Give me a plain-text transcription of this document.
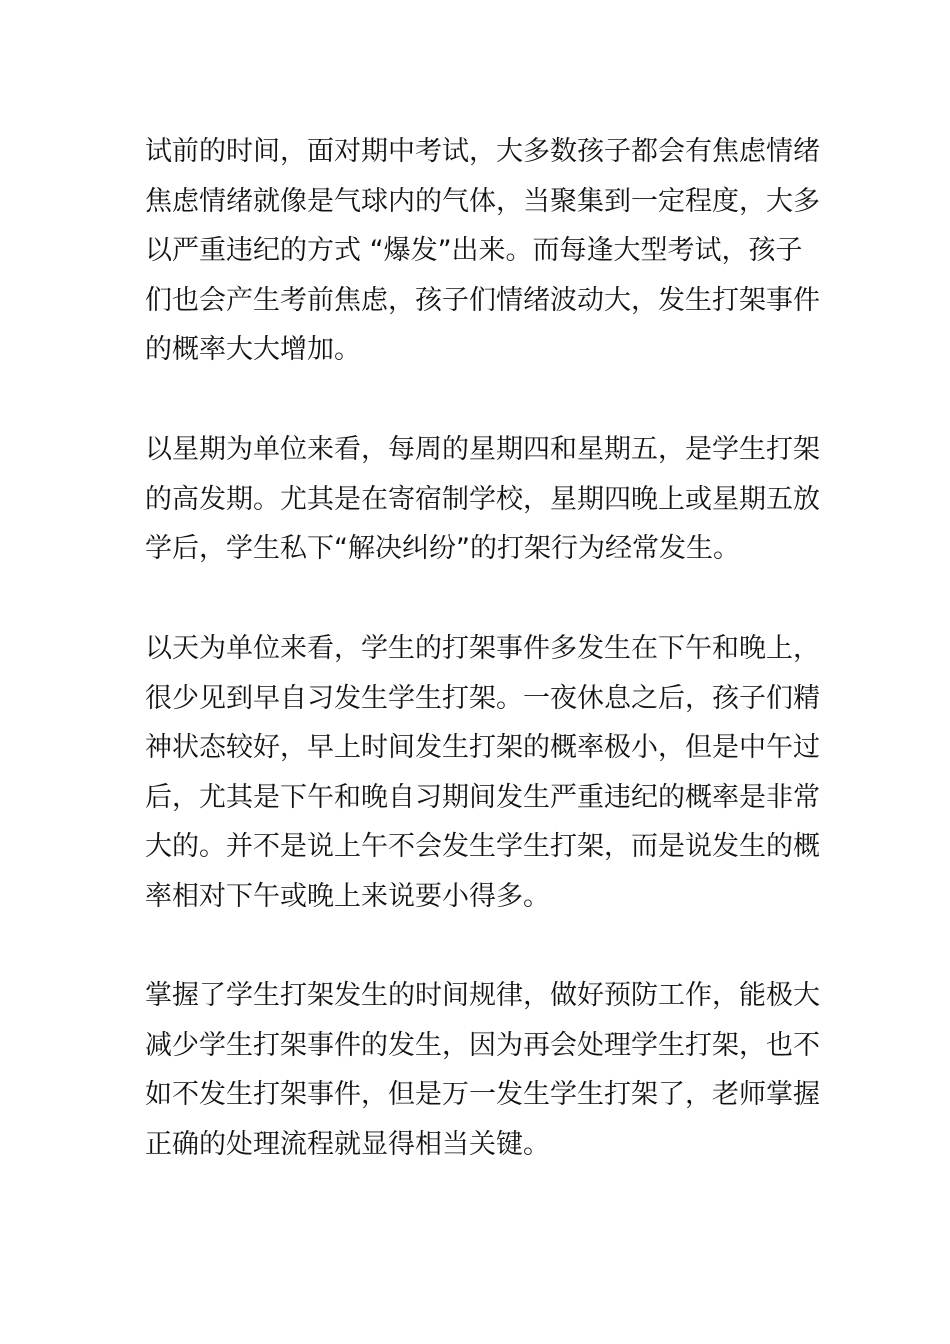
试前的时间，面对期中考试，大多数孩子都会有焦虑情绪
焦虑情绪就像是气球内的气体，当聚集到一定程度，大多
以严重违纪的方式 “爆发”出来。而每逢大型考试，孩子
们也会产生考前焦虑，孩子们情绪波动大，发生打架事件
的概率大大增加。
以星期为单位来看，每周的星期四和星期五，是学生打架
的高发期。尤其是在寄宿制学校，星期四晚上或星期五放
学后，学生私下“解决纠纷”的打架行为经常发生。
以天为单位来看，学生的打架事件多发生在下午和晚上，
很少见到早自习发生学生打架。一夜休息之后，孩子们精
神状态较好，早上时间发生打架的概率极小，但是中午过
后，尤其是下午和晚自习期间发生严重违纪的概率是非常
大的。并不是说上午不会发生学生打架，而是说发生的概
率相对下午或晚上来说要小得多。
掌握了学生打架发生的时间规律，做好预防工作，能极大
减少学生打架事件的发生，因为再会处理学生打架，也不
如不发生打架事件，但是万一发生学生打架了，老师掌握
正确的处理流程就显得相当关键。
